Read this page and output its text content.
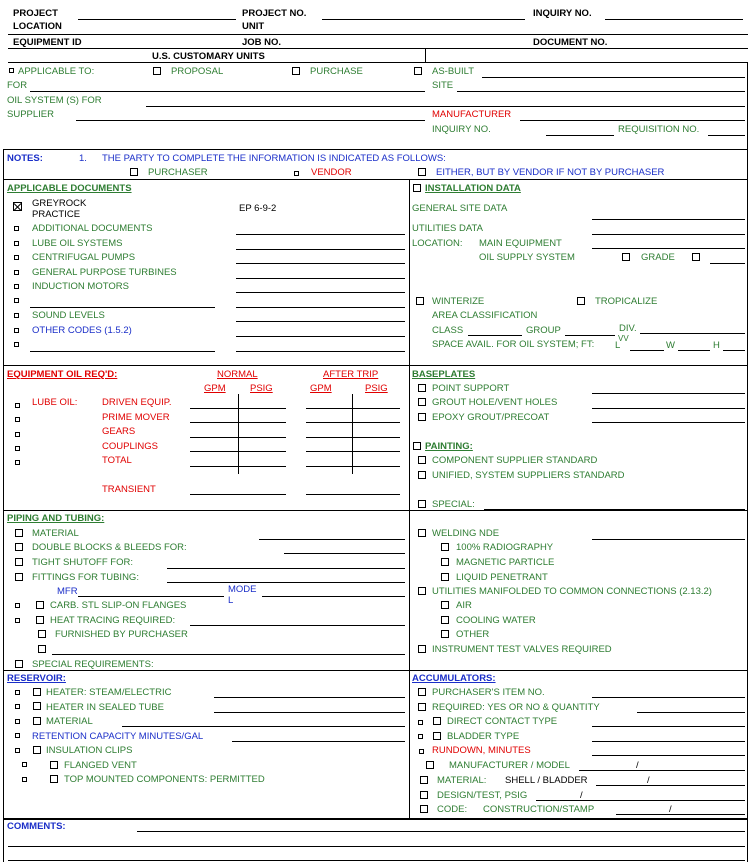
PROJECT	PROJECT NO.	INQUIRY NO.
LOCATION	UNIT
EQUIPMENT ID	JOB NO.	DOCUMENT NO.
U.S. CUSTOMARY UNITS
APPLICABLE TO:	PROPOSAL	PURCHASE	AS-BUILT
FOR	SITE
OIL SYSTEM (S) FOR
SUPPLIER	MANUFACTURER
INQUIRY NO.	REQUISITION NO.
NOTES:	1. THE PARTY TO COMPLETE THE INFORMATION IS INDICATED AS FOLLOWS:
PURCHASER	VENDOR	EITHER, BUT BY VENDOR IF NOT BY PURCHASER
APPLICABLE DOCUMENTS
GREYROCK
PRACTICE
EP 6-9-2
ADDITIONAL DOCUMENTS
LUBE OIL SYSTEMS
CENTRIFUGAL PUMPS
GENERAL PURPOSE TURBINES
INDUCTION MOTORS
SOUND LEVELS
OTHER CODES (1.5.2)
INSTALLATION DATA
GENERAL SITE DATA
UTILITIES DATA
LOCATION: MAIN EQUIPMENT
OIL SUPPLY SYSTEM	GRADE
WINTERIZE	TROPICALIZE
AREA CLASSIFICATION
CLASS	GROUP	DIV.
SPACE AVAIL. FOR OIL SYSTEM; FT: L
VV
W	H
EQUIPMENT OIL REQ'D:	NORMAL	AFTER TRIP
GPM	PSIG	GPM	PSIG
LUBE OIL:	DRIVEN EQUIP.
PRIME MOVER
GEARS
COUPLINGS
TOTAL
TRANSIENT
BASEPLATES
POINT SUPPORT
GROUT HOLE/VENT HOLES
EPOXY GROUT/PRECOAT
PAINTING:
COMPONENT SUPPLIER STANDARD
UNIFIED, SYSTEM SUPPLIERS STANDARD
SPECIAL:
PIPING AND TUBING:
MATERIAL
DOUBLE BLOCKS & BLEEDS FOR:
TIGHT SHUTOFF FOR:
FITTINGS FOR TUBING:
MFR	MODE
L
CARB. STL SLIP-ON FLANGES
HEAT TRACING REQUIRED:
FURNISHED BY PURCHASER
SPECIAL REQUIREMENTS:
WELDING NDE
100% RADIOGRAPHY
MAGNETIC PARTICLE
LIQUID PENETRANT
UTILITIES MANIFOLDED TO COMMON CONNECTIONS (2.13.2)
AIR
COOLING WATER
OTHER
INSTRUMENT TEST VALVES REQUIRED
RESERVOIR:
HEATER: STEAM/ELECTRIC
HEATER IN SEALED TUBE
MATERIAL
RETENTION CAPACITY MINUTES/GAL
INSULATION CLIPS
FLANGED VENT
TOP MOUNTED COMPONENTS: PERMITTED
ACCUMULATORS:
PURCHASER'S ITEM NO.
REQUIRED: YES OR NO & QUANTITY
DIRECT CONTACT TYPE
BLADDER TYPE
RUNDOWN, MINUTES
MANUFACTURER / MODEL	/
MATERIAL: SHELL / BLADDER	/
DESIGN/TEST, PSIG	/
CODE: CONSTRUCTION/STAMP	/
COMMENTS:
